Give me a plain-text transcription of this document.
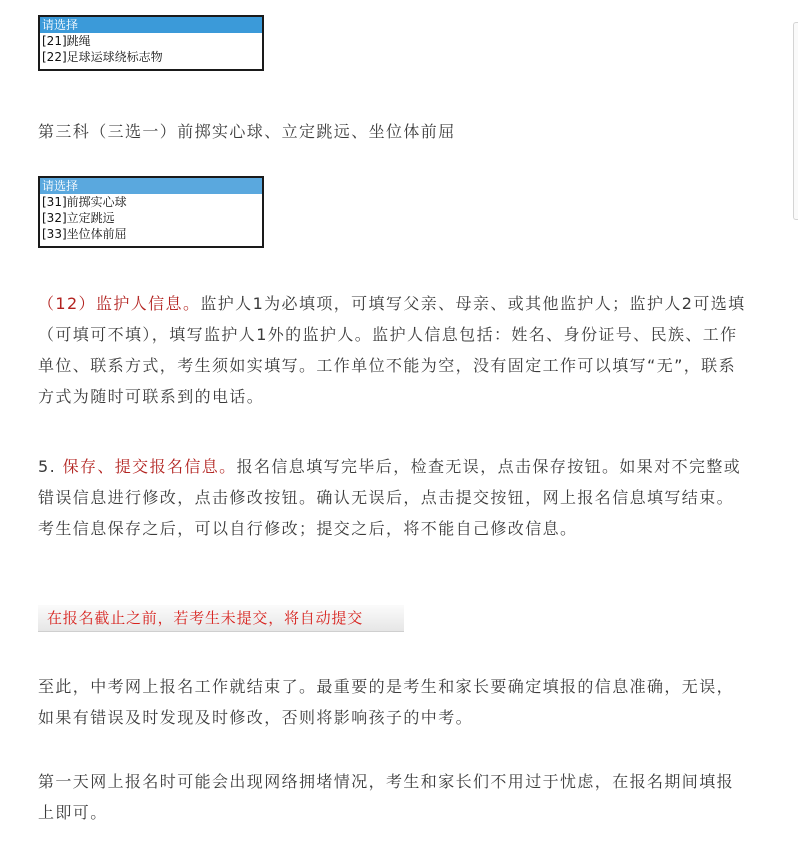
请选择
[21]跳绳
[22]足球运球绕标志物
第三科（三选一）前掷实心球、立定跳远、坐位体前屈
请选择
[31]前掷实心球
[32]立定跳远
[33]坐位体前屈
（12）监护人信息。监护人1为必填项，可填写父亲、母亲、或其他监护人；监护人2可选填（可填可不填），填写监护人1外的监护人。监护人信息包括：姓名、身份证号、民族、工作单位、联系方式，考生须如实填写。工作单位不能为空，没有固定工作可以填写“无”，联系方式为随时可联系到的电话。
5. 保存、提交报名信息。报名信息填写完毕后，检查无误，点击保存按钮。如果对不完整或错误信息进行修改，点击修改按钮。确认无误后，点击提交按钮，网上报名信息填写结束。考生信息保存之后，可以自行修改；提交之后，将不能自己修改信息。
在报名截止之前，若考生未提交，将自动提交
至此，中考网上报名工作就结束了。最重要的是考生和家长要确定填报的信息准确，无误，如果有错误及时发现及时修改，否则将影响孩子的中考。
第一天网上报名时可能会出现网络拥堵情况，考生和家长们不用过于忧虑，在报名期间填报上即可。
